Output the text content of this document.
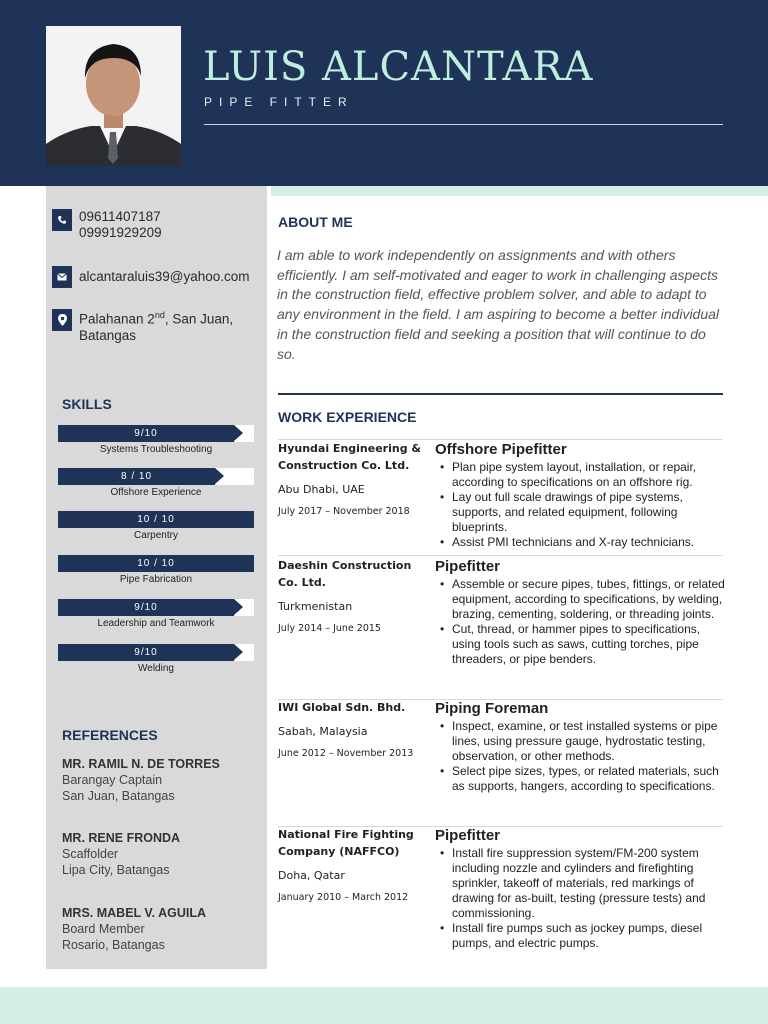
LUIS ALCANTARA
PIPE FITTER
09611407187
09991929209
alcantaraluis39@yahoo.com
Palahanan 2nd, San Juan,
Batangas
SKILLS
9/10
Systems Troubleshooting
8 / 10
Offshore Experience
10 / 10
Carpentry
10 / 10
Pipe Fabrication
9/10
Leadership and Teamwork
9/10
Welding
REFERENCES
MR. RAMIL N. DE TORRES
Barangay Captain
San Juan, Batangas
MR. RENE FRONDA
Scaffolder
Lipa City, Batangas
MRS. MABEL V. AGUILA
Board Member
Rosario, Batangas
ABOUT ME
I am able to work independently on assignments and with others efficiently. I am self-motivated and eager to work in challenging aspects in the construction field, effective problem solver, and able to adapt to any environment in the field. I am aspiring to become a better individual in the construction field and seeking a position that will continue to do so.
WORK EXPERIENCE
Hyundai Engineering & Construction Co. Ltd.
Abu Dhabi, UAE
July 2017 – November 2018
Offshore Pipefitter
• Plan pipe system layout, installation, or repair, according to specifications on an offshore rig.
• Lay out full scale drawings of pipe systems, supports, and related equipment, following blueprints.
• Assist PMI technicians and X-ray technicians.
Daeshin Construction Co. Ltd.
Turkmenistan
July 2014 – June 2015
Pipefitter
• Assemble or secure pipes, tubes, fittings, or related equipment, according to specifications, by welding, brazing, cementing, soldering, or threading joints.
• Cut, thread, or hammer pipes to specifications, using tools such as saws, cutting torches, pipe threaders, or pipe benders.
IWI Global Sdn. Bhd.
Sabah, Malaysia
June 2012 – November 2013
Piping Foreman
• Inspect, examine, or test installed systems or pipe lines, using pressure gauge, hydrostatic testing, observation, or other methods.
• Select pipe sizes, types, or related materials, such as supports, hangers, according to specifications.
National Fire Fighting Company (NAFFCO)
Doha, Qatar
January 2010 – March 2012
Pipefitter
• Install fire suppression system/FM-200 system including nozzle and cylinders and firefighting sprinkler, takeoff of materials, red markings of drawing for as-built, testing (pressure tests) and commissioning.
• Install fire pumps such as jockey pumps, diesel pumps, and electric pumps.
